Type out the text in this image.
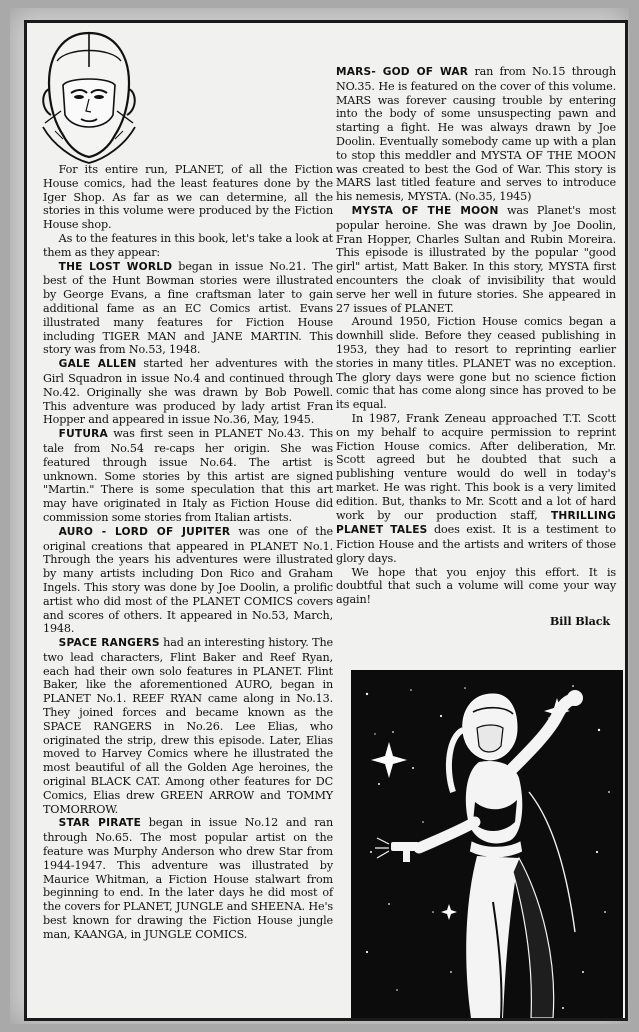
For its entire run, PLANET, of all the Fiction House comics, had the least features done by the Iger Shop. As far as we can determine, all the stories in this volume were produced by the Fiction House shop.

As to the features in this book, let's take a look at them as they appear:

THE LOST WORLD began in issue No.21. The best of the Hunt Bowman stories were illustrated by George Evans, a fine craftsman later to gain additional fame as an EC Comics artist. Evans illustrated many features for Fiction House including TIGER MAN and JANE MARTIN. This story was from No.53, 1948.

GALE ALLEN started her adventures with the Girl Squadron in issue No.4 and continued through No.42. Originally she was drawn by Bob Powell. This adventure was produced by lady artist Fran Hopper and appeared in issue No.36, May, 1945.

FUTURA was first seen in PLANET No.43. This tale from No.54 re-caps her origin. She was featured through issue No.64. The artist is unknown. Some stories by this artist are signed "Martin." There is some speculation that this art may have originated in Italy as Fiction House did commission some stories from Italian artists.

AURO - LORD OF JUPITER was one of the original creations that appeared in PLANET No.1. Through the years his adventures were illustrated by many artists including Don Rico and Graham Ingels. This story was done by Joe Doolin, a prolific artist who did most of the PLANET COMICS covers and scores of others. It appeared in No.53, March, 1948.

SPACE RANGERS had an interesting history. The two lead characters, Flint Baker and Reef Ryan, each had their own solo features in PLANET. Flint Baker, like the aforementioned AURO, began in PLANET No.1. REEF RYAN came along in No.13. They joined forces and became known as the SPACE RANGERS in No.26. Lee Elias, who originated the strip, drew this episode. Later, Elias moved to Harvey Comics where he illustrated the most beautiful of all the Golden Age heroines, the original BLACK CAT. Among other features for DC Comics, Elias drew GREEN ARROW and TOMMY TOMORROW.

STAR PIRATE began in issue No.12 and ran through No.65. The most popular artist on the feature was Murphy Anderson who drew Star from 1944-1947. This adventure was illustrated by Maurice Whitman, a Fiction House stalwart from beginning to end. In the later days he did most of the covers for PLANET, JUNGLE and SHEENA. He's best known for drawing the Fiction House jungle man, KAANGA, in JUNGLE COMICS.

MARS- GOD OF WAR ran from No.15 through NO.35. He is featured on the cover of this volume. MARS was forever causing trouble by entering into the body of some unsuspecting pawn and starting a fight. He was always drawn by Joe Doolin. Eventually somebody came up with a plan to stop this meddler and MYSTA OF THE MOON was created to best the God of War. This story is MARS last titled feature and serves to introduce his nemesis, MYSTA. (No.35, 1945)

MYSTA OF THE MOON was Planet's most popular heroine. She was drawn by Joe Doolin, Fran Hopper, Charles Sultan and Rubin Moreira. This episode is illustrated by the popular "good girl" artist, Matt Baker. In this story, MYSTA first encounters the cloak of invisibility that would serve her well in future stories. She appeared in 27 issues of PLANET.

Around 1950, Fiction House comics began a downhill slide. Before they ceased publishing in 1953, they had to resort to reprinting earlier stories in many titles. PLANET was no exception. The glory days were gone but no science fiction comic that has come along since has proved to be its equal.

In 1987, Frank Zeneau approached T.T. Scott on my behalf to acquire permission to reprint Fiction House comics. After deliberation, Mr. Scott agreed but he doubted that such a publishing venture would do well in today's market. He was right. This book is a very limited edition. But, thanks to Mr. Scott and a lot of hard work by our production staff, THRILLING PLANET TALES does exist. It is a testiment to Fiction House and the artists and writers of those glory days.

We hope that you enjoy this effort. It is doubtful that such a volume will come your way again!

Bill Black
